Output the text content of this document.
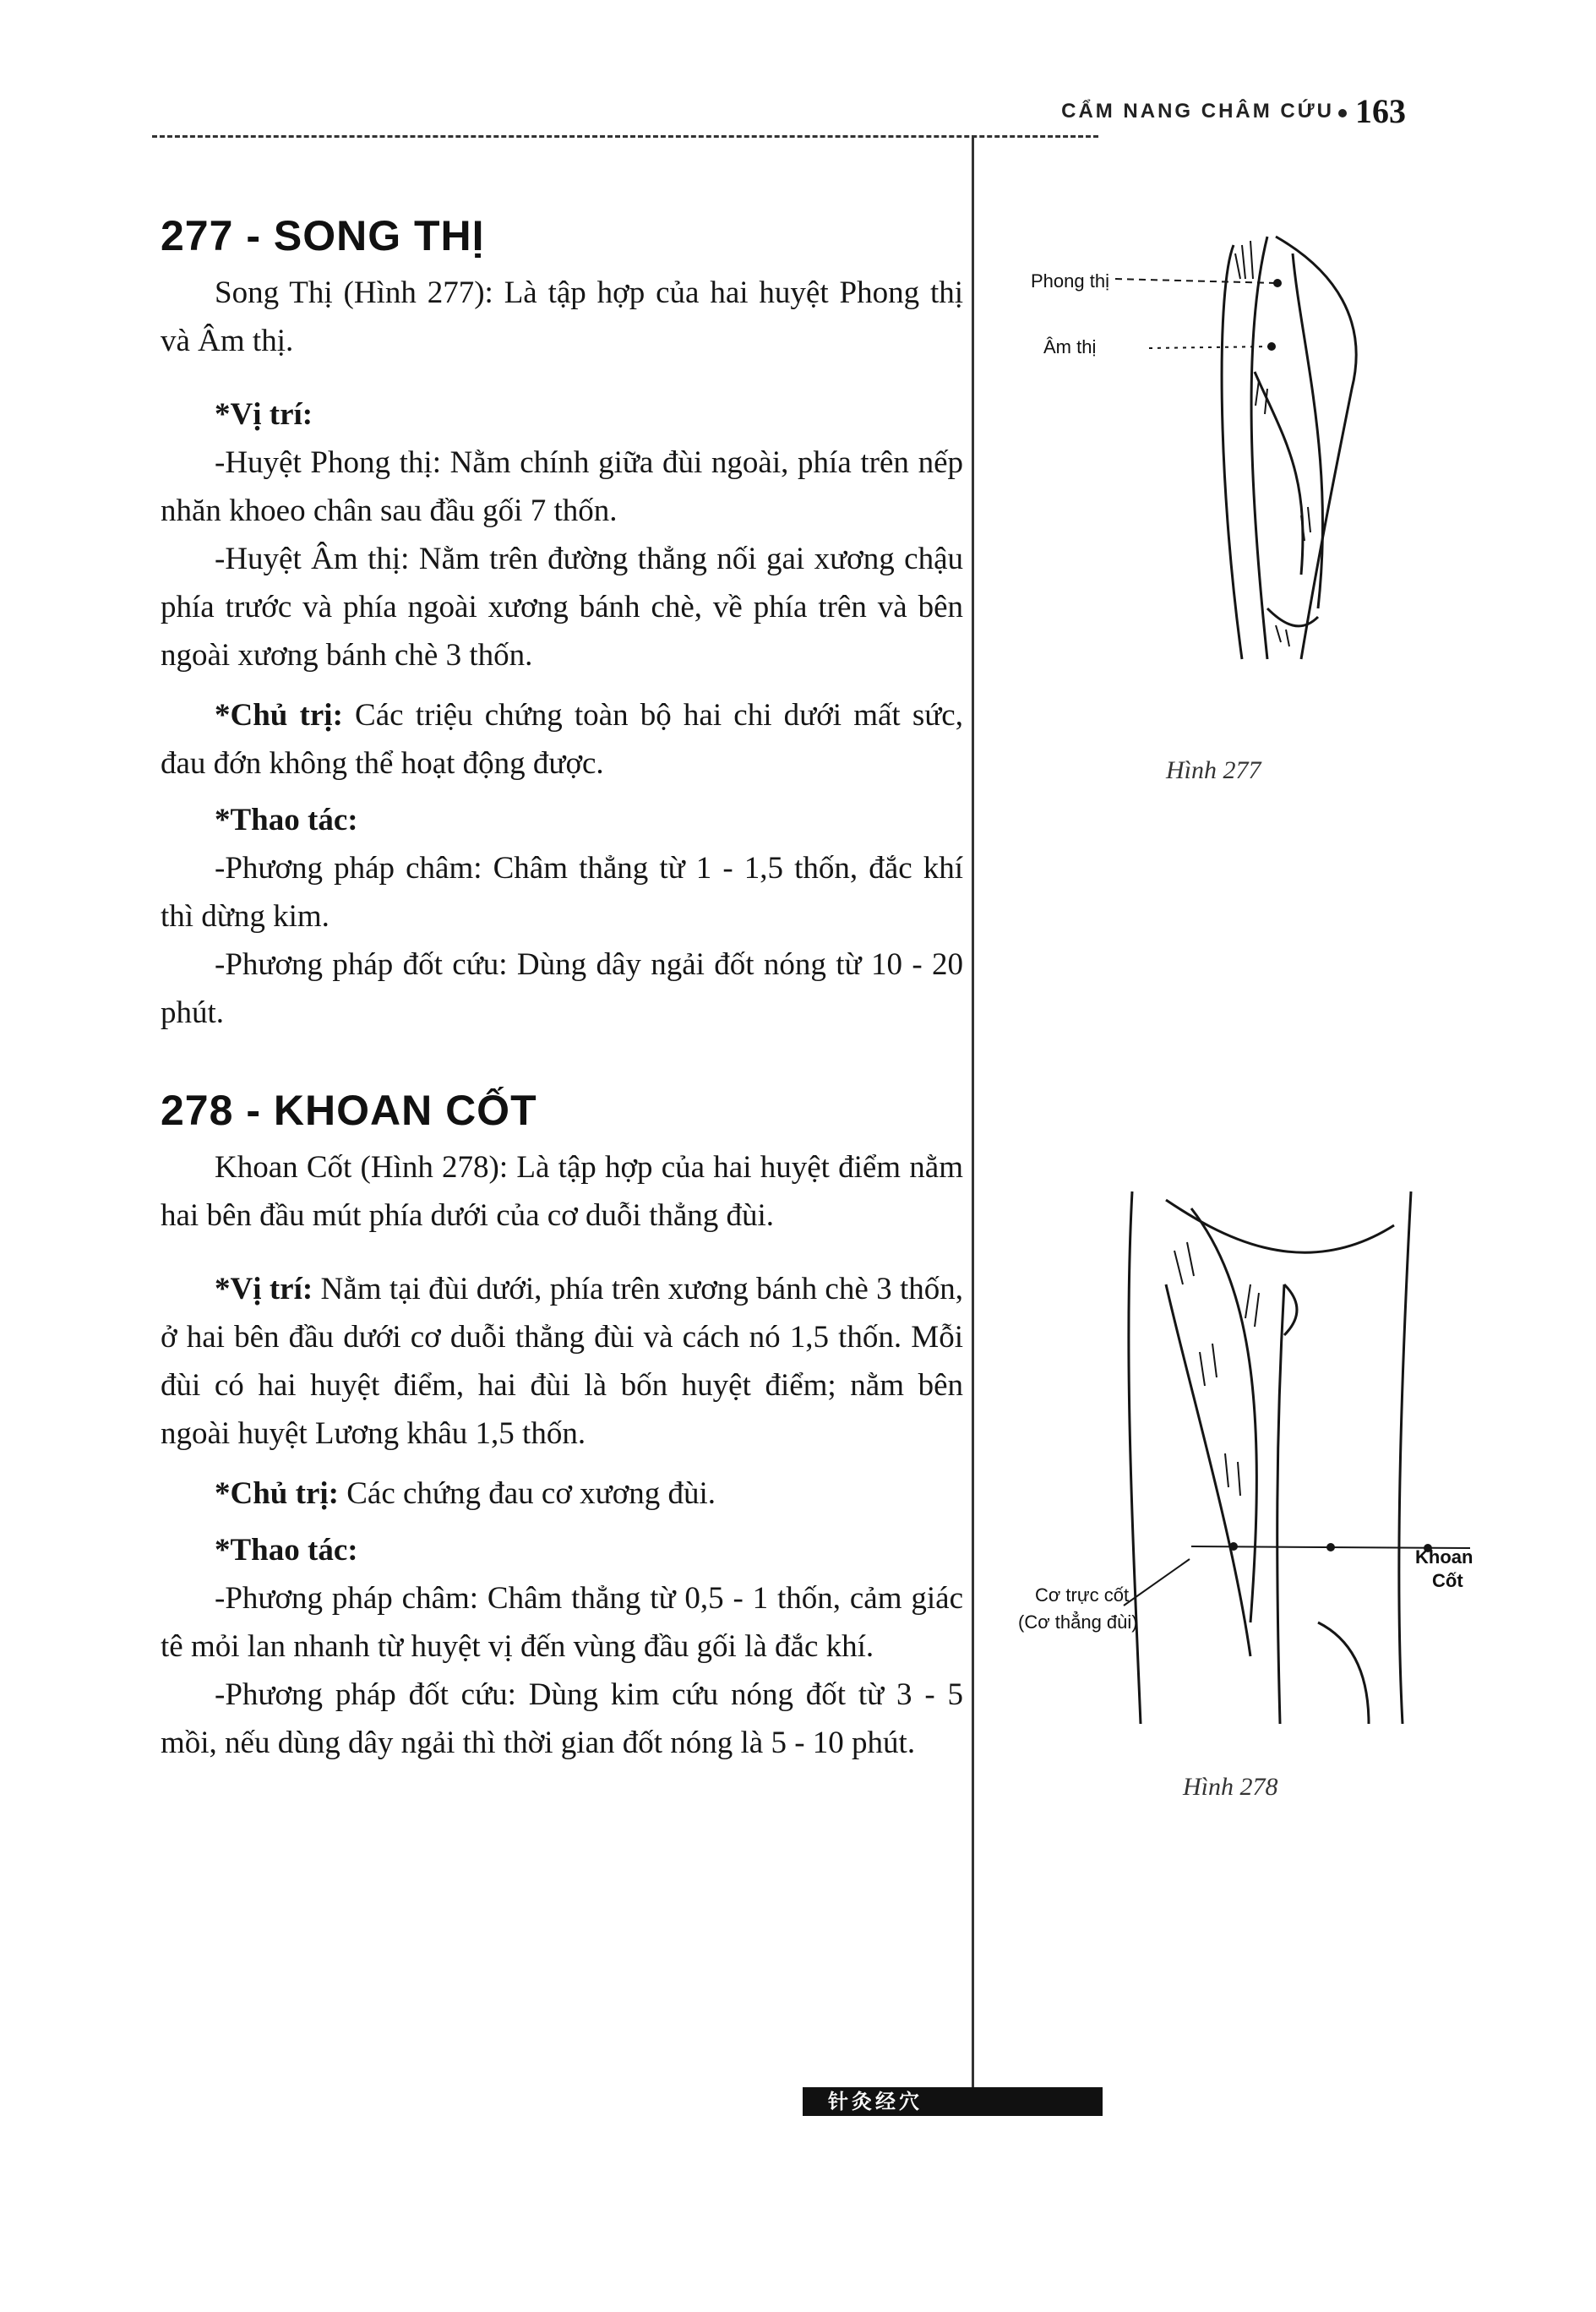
CẨM NANG CHÂM CỨU 163
277 - SONG THỊ

Song Thị (Hình 277): Là tập hợp của hai huyệt Phong thị và Âm thị.

*Vị trí:

-Huyệt Phong thị: Nằm chính giữa đùi ngoài, phía trên nếp nhăn khoeo chân sau đầu gối 7 thốn.

-Huyệt Âm thị: Nằm trên đường thẳng nối gai xương chậu phía trước và phía ngoài xương bánh chè, về phía trên và bên ngoài xương bánh chè 3 thốn.

*Chủ trị: Các triệu chứng toàn bộ hai chi dưới mất sức, đau đớn không thể hoạt động được.

*Thao tác:

-Phương pháp châm: Châm thẳng từ 1 - 1,5 thốn, đắc khí thì dừng kim.

-Phương pháp đốt cứu: Dùng dây ngải đốt nóng từ 10 - 20 phút.

278 - KHOAN CỐT

Khoan Cốt (Hình 278): Là tập hợp của hai huyệt điểm nằm hai bên đầu mút phía dưới của cơ duỗi thẳng đùi.

*Vị trí: Nằm tại đùi dưới, phía trên xương bánh chè 3 thốn, ở hai bên đầu dưới cơ duỗi thẳng đùi và cách nó 1,5 thốn. Mỗi đùi có hai huyệt điểm, hai đùi là bốn huyệt điểm; nằm bên ngoài huyệt Lương khâu 1,5 thốn.

*Chủ trị: Các chứng đau cơ xương đùi.

*Thao tác:

-Phương pháp châm: Châm thẳng từ 0,5 - 1 thốn, cảm giác tê mỏi lan nhanh từ huyệt vị đến vùng đầu gối là đắc khí.

-Phương pháp đốt cứu: Dùng kim cứu nóng đốt từ 3 - 5 mồi, nếu dùng dây ngải thì thời gian đốt nóng là 5 - 10 phút.

Phong thị
Âm thị
Hình 277
Cơ trực cốt
(Cơ thẳng đùi)
Khoan
Cốt
Hình 278
针灸经穴
